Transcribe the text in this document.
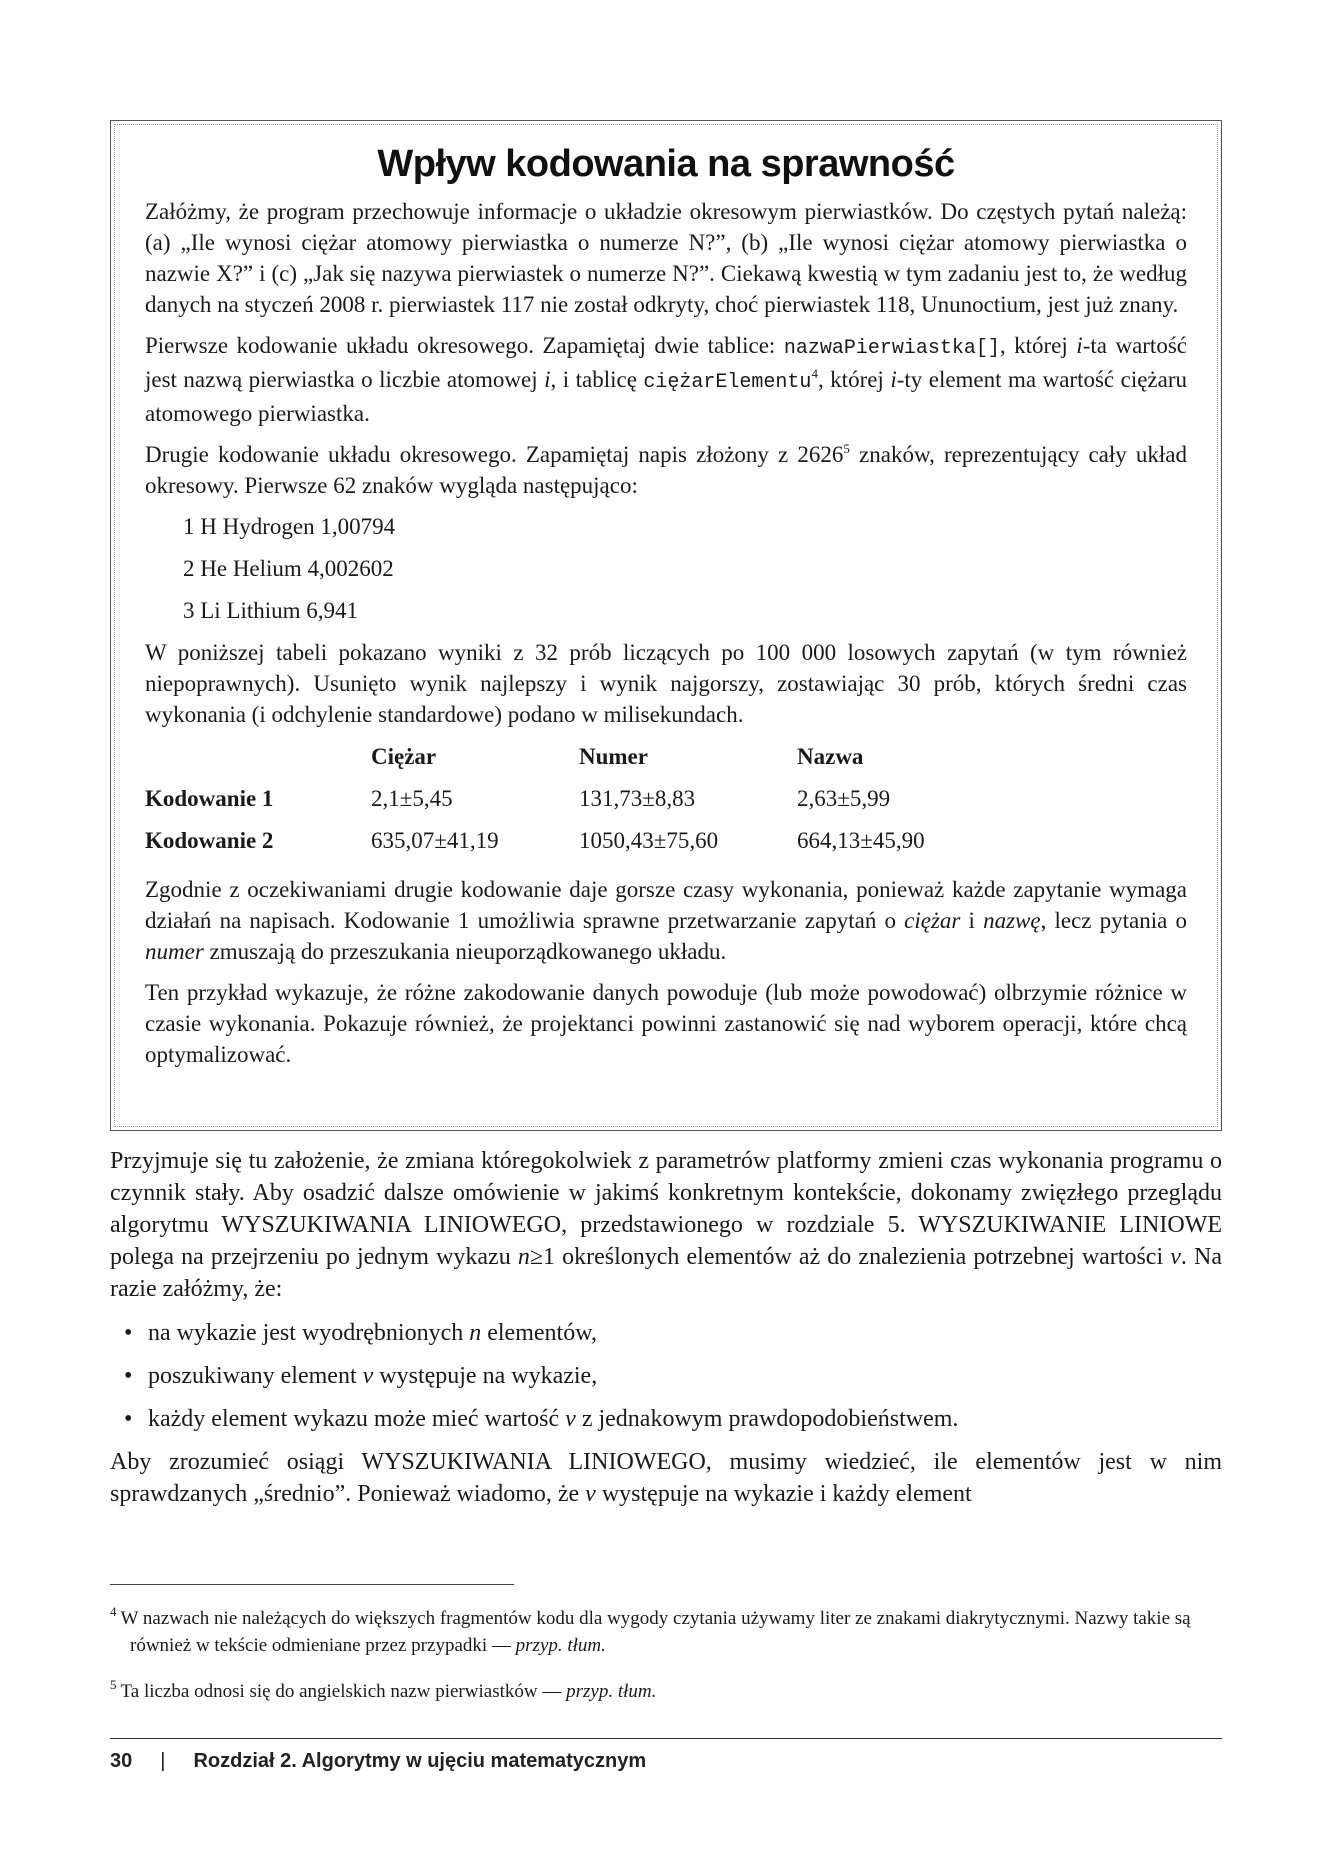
Wpływ kodowania na sprawność

Załóżmy, że program przechowuje informacje o układzie okresowym pierwiastków. Do częstych pytań należą: (a) „Ile wynosi ciężar atomowy pierwiastka o numerze N?”, (b) „Ile wynosi ciężar atomowy pierwiastka o nazwie X?” i (c) „Jak się nazywa pierwiastek o numerze N?”. Ciekawą kwestią w tym zadaniu jest to, że według danych na styczeń 2008 r. pierwiastek 117 nie został odkryty, choć pierwiastek 118, Ununoctium, jest już znany.

Pierwsze kodowanie układu okresowego. Zapamiętaj dwie tablice: nazwaPierwiastka[], której i-ta wartość jest nazwą pierwiastka o liczbie atomowej i, i tablicę ciężarElementu$^4$, której i-ty element ma wartość ciężaru atomowego pierwiastka.

Drugie kodowanie układu okresowego. Zapamiętaj napis złożony z 2626$^5$ znaków, reprezentujący cały układ okresowy. Pierwsze 62 znaków wygląda następująco:

1 H Hydrogen 1,00794
2 He Helium 4,002602
3 Li Lithium 6,941

W poniższej tabeli pokazano wyniki z 32 prób liczących po 100 000 losowych zapytań (w tym również niepoprawnych). Usunięto wynik najlepszy i wynik najgorszy, zostawiając 30 prób, których średni czas wykonania (i odchylenie standardowe) podano w milisekundach.

	Ciężar	Numer	Nazwa
Kodowanie 1	2,1±5,45	131,73±8,83	2,63±5,99
Kodowanie 2	635,07±41,19	1050,43±75,60	664,13±45,90

Zgodnie z oczekiwaniami drugie kodowanie daje gorsze czasy wykonania, ponieważ każde zapytanie wymaga działań na napisach. Kodowanie 1 umożliwia sprawne przetwarzanie zapytań o ciężar i nazwę, lecz pytania o numer zmuszają do przeszukania nieuporządkowanego układu.

Ten przykład wykazuje, że różne zakodowanie danych powoduje (lub może powodować) olbrzymie różnice w czasie wykonania. Pokazuje również, że projektanci powinni zastanowić się nad wyborem operacji, które chcą optymalizować.

Przyjmuje się tu założenie, że zmiana któregokolwiek z parametrów platformy zmieni czas wykonania programu o czynnik stały. Aby osadzić dalsze omówienie w jakimś konkretnym kontekście, dokonamy zwięzłego przeglądu algorytmu WYSZUKIWANIA LINIOWEGO, przedstawionego w rozdziale 5. WYSZUKIWANIE LINIOWE polega na przejrzeniu po jednym wykazu n≥1 określonych elementów aż do znalezienia potrzebnej wartości v. Na razie załóżmy, że:

• na wykazie jest wyodrębnionych n elementów,
• poszukiwany element v występuje na wykazie,
• każdy element wykazu może mieć wartość v z jednakowym prawdopodobieństwem.

Aby zrozumieć osiągi WYSZUKIWANIA LINIOWEGO, musimy wiedzieć, ile elementów jest w nim sprawdzanych „średnio”. Ponieważ wiadomo, że v występuje na wykazie i każdy element

$^4$ W nazwach nie należących do większych fragmentów kodu dla wygody czytania używamy liter ze znakami diakrytycznymi. Nazwy takie są również w tekście odmieniane przez przypadki — przyp. tłum.

$^5$ Ta liczba odnosi się do angielskich nazw pierwiastków — przyp. tłum.

30 | Rozdział 2. Algorytmy w ujęciu matematycznym
